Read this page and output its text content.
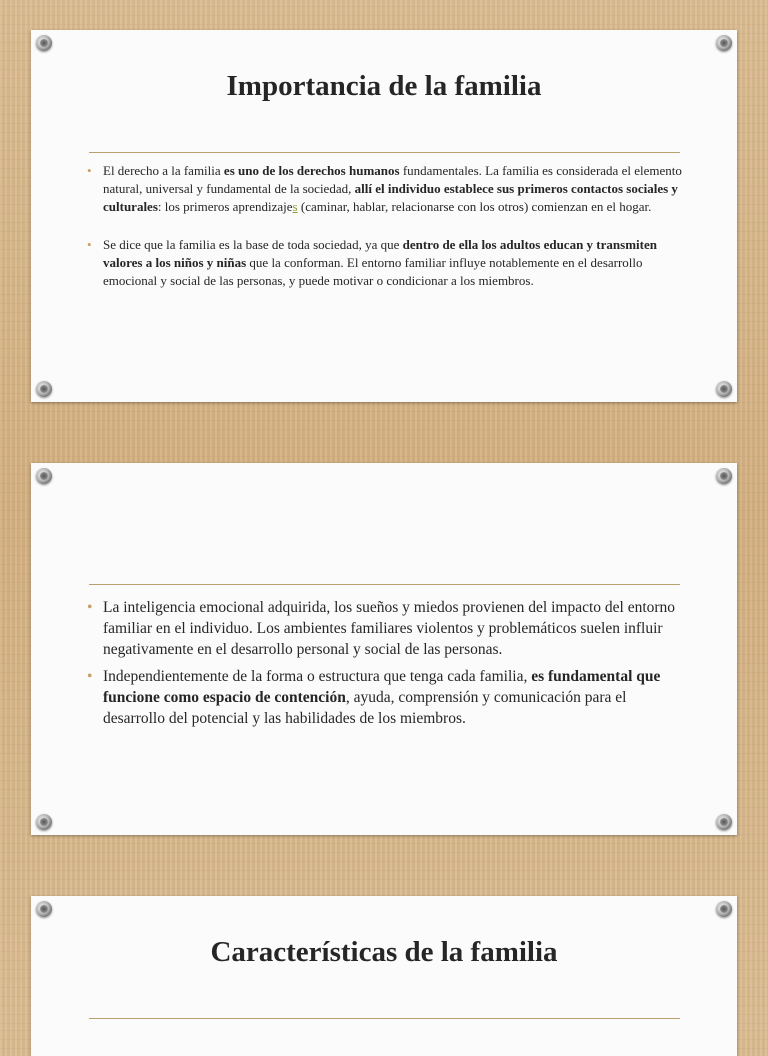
Importancia de la familia
• El derecho a la familia es uno de los derechos humanos fundamentales. La familia es considerada el elemento natural, universal y fundamental de la sociedad, allí el individuo establece sus primeros contactos sociales y culturales: los primeros aprendizajes (caminar, hablar, relacionarse con los otros) comienzan en el hogar.
• Se dice que la familia es la base de toda sociedad, ya que dentro de ella los adultos educan y transmiten valores a los niños y niñas que la conforman. El entorno familiar influye notablemente en el desarrollo emocional y social de las personas, y puede motivar o condicionar a los miembros.
• La inteligencia emocional adquirida, los sueños y miedos provienen del impacto del entorno familiar en el individuo. Los ambientes familiares violentos y problemáticos suelen influir negativamente en el desarrollo personal y social de las personas.
• Independientemente de la forma o estructura que tenga cada familia, es fundamental que funcione como espacio de contención, ayuda, comprensión y comunicación para el desarrollo del potencial y las habilidades de los miembros.
Características de la familia
